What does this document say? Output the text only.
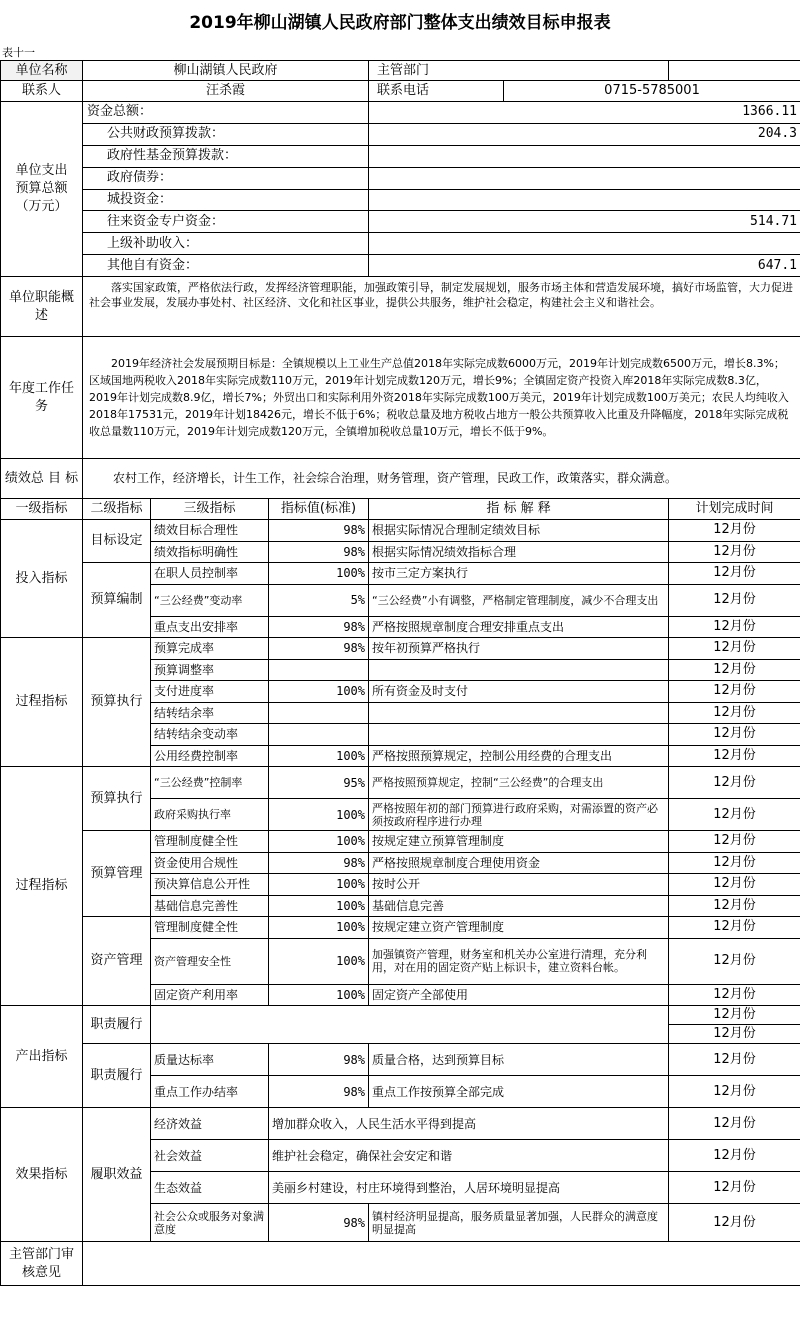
2019年柳山湖镇人民政府部门整体支出绩效目标申报表
表十一
单位名称	柳山湖镇人民政府			主管部门	
联系人	汪杀霞			联系电话 0715-5785001	

单位支出预算总额（万元）	资金总额：			1366.11	
	公共财政预算拨款：			204.3	
	政府性基金预算拨款：				
	政府债券：				
	城投资金：				
	往来资金专户资金：			514.71	
	上级补助收入：				
	其他自有资金：			647.1	
单位职能概 述	落实国家政策，严格依法行政，发挥经济管理职能，加强政策引导，制定发展规划，服务市场主体和营造发展环境，搞好市场监管，大力促进社会事业发展，发展办事处村、社区经济、文化和社区事业，提供公共服务，维护社会稳定，构建社会主义和谐社会。				
年度工作任 务	2019年经济社会发展预期目标是：全镇规模以上工业生产总值2018年实际完成数6000万元，2019年计划完成数6500万元，增长8.3%；区域国地两税收入2018年实际完成数110万元，2019年计划完成数120万元，增长9%；全镇固定资产投资入库2018年实际完成数8.3亿，2019年计划完成数8.9亿，增长7%；外贸出口和实际利用外资2018年实际完成数100万美元，2019年计划完成数100万美元；农民人均纯收入2018年17531元，2019年计划18426元，增长不低于6%；税收总量及地方税收占地方一般公共预算收入比重及升降幅度，2018年实际完成税收总量数110万元，2019年计划完成数120万元，全镇增加税收总量10万元，增长不低于9%。				
绩效总 目 标	农村工作，经济增长，计生工作，社会综合治理，财务管理，资产管理，民政工作，政策落实，群众满意。				
一级指标	二级指标	三级指标	指标值(标准)	指 标 解 释	计划完成时间
投入指标	目标设定	绩效目标合理性	98%	根据实际情况合理制定绩效目标	12月份
		绩效指标明确性	98%	根据实际情况绩效指标合理	12月份
	预算编制	在职人员控制率	100%	按市三定方案执行	12月份
		“三公经费”变动率	5%	“三公经费”小有调整，严格制定管理制度，减少不合理支出	12月份
		重点支出安排率	98%	严格按照规章制度合理安排重点支出	12月份
过程指标	预算执行	预算完成率	98%	按年初预算严格执行	12月份
		预算调整率			12月份
		支付进度率	100%	所有资金及时支付	12月份
		结转结余率			12月份
		结转结余变动率			12月份
		公用经费控制率	100%	严格按照预算规定，控制公用经费的合理支出	12月份
过程指标	预算执行	“三公经费”控制率	95%	严格按照预算规定，控制“三公经费”的合理支出	12月份
		政府采购执行率	100%	严格按照年初的部门预算进行政府采购，对需添置的资产必须按政府程序进行办理	12月份
	预算管理	管理制度健全性	100%	按规定建立预算管理制度	12月份
		资金使用合规性	98%	严格按照规章制度合理使用资金	12月份
		预决算信息公开性	100%	按时公开	12月份
		基础信息完善性	100%	基础信息完善	12月份
	资产管理	管理制度健全性	100%	按规定建立资产管理制度	12月份
		资产管理安全性	100%	加强镇资产管理，财务室和机关办公室进行清理，充分利用，对在用的固定资产贴上标识卡，建立资料台帐。	12月份
		固定资产利用率	100%	固定资产全部使用	12月份
产出指标	职责履行				12月份
					12月份
	职责履行	质量达标率	98%	质量合格，达到预算目标	12月份
		重点工作办结率	98%	重点工作按预算全部完成	12月份
效果指标	履职效益	经济效益	增加群众收入，人民生活水平得到提高		12月份
		社会效益	维护社会稳定，确保社会安定和谐		12月份
		生态效益	美丽乡村建设，村庄环境得到整治，人居环境明显提高		12月份
		社会公众或服务对象满意度	98%	镇村经济明显提高，服务质量显著加强，人民群众的满意度明显提高	12月份
主管部门审核意见					
